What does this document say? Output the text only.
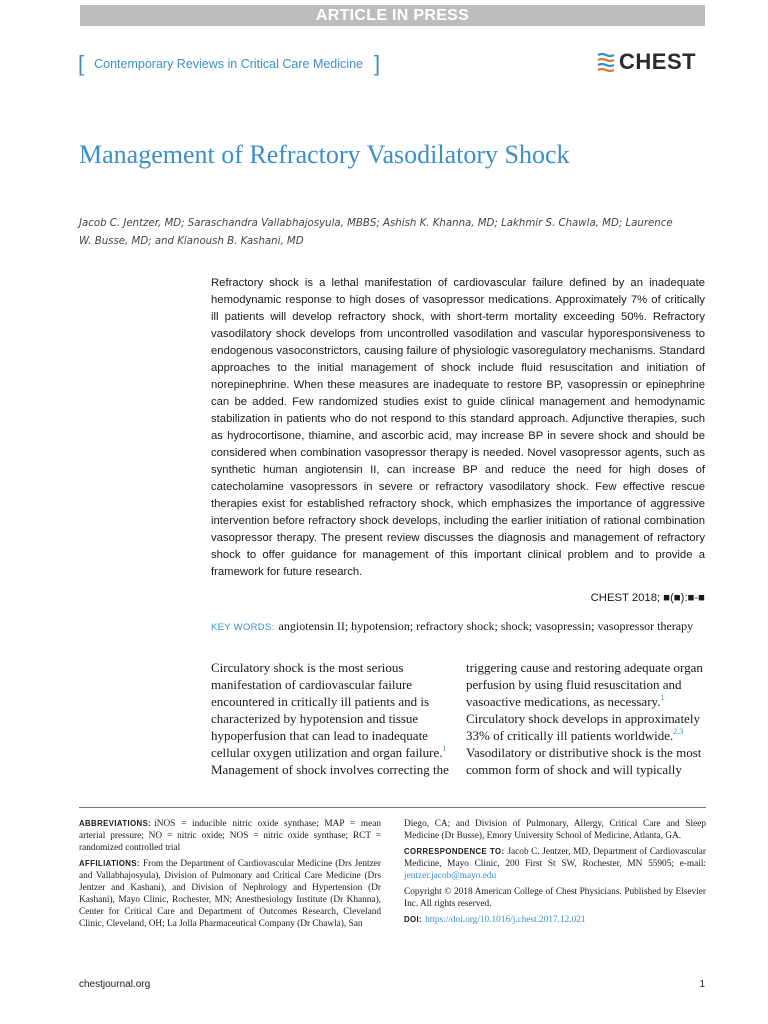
ARTICLE IN PRESS
[ Contemporary Reviews in Critical Care Medicine ]	CHEST
Management of Refractory Vasodilatory Shock

Jacob C. Jentzer, MD; Saraschandra Vallabhajosyula, MBBS; Ashish K. Khanna, MD; Lakhmir S. Chawla, MD; Laurence W. Busse, MD; and Kianoush B. Kashani, MD

Refractory shock is a lethal manifestation of cardiovascular failure defined by an inadequate hemodynamic response to high doses of vasopressor medications. Approximately 7% of critically ill patients will develop refractory shock, with short-term mortality exceeding 50%. Refractory vasodilatory shock develops from uncontrolled vasodilation and vascular hyporesponsiveness to endogenous vasoconstrictors, causing failure of physiologic vasoregulatory mechanisms. Standard approaches to the initial management of shock include fluid resuscitation and initiation of norepinephrine. When these measures are inadequate to restore BP, vasopressin or epinephrine can be added. Few randomized studies exist to guide clinical management and hemodynamic stabilization in patients who do not respond to this standard approach. Adjunctive therapies, such as hydrocortisone, thiamine, and ascorbic acid, may increase BP in severe shock and should be considered when combination vasopressor therapy is needed. Novel vasopressor agents, such as synthetic human angiotensin II, can increase BP and reduce the need for high doses of catecholamine vasopressors in severe or refractory vasodilatory shock. Few effective rescue therapies exist for established refractory shock, which emphasizes the importance of aggressive intervention before refractory shock develops, including the earlier initiation of rational combination vasopressor therapy. The present review discusses the diagnosis and management of refractory shock to offer guidance for management of this important clinical problem and to provide a framework for future research.

CHEST 2018; ■(■):■-■
KEY WORDS: angiotensin II; hypotension; refractory shock; shock; vasopressin; vasopressor therapy

Circulatory shock is the most serious manifestation of cardiovascular failure encountered in critically ill patients and is characterized by hypotension and tissue hypoperfusion that can lead to inadequate cellular oxygen utilization and organ failure.$^1$ Management of shock involves correcting the

triggering cause and restoring adequate organ perfusion by using fluid resuscitation and vasoactive medications, as necessary.$^1$ Circulatory shock develops in approximately 33% of critically ill patients worldwide.$^{2,3}$ Vasodilatory or distributive shock is the most common form of shock and will typically

ABBREVIATIONS: iNOS = inducible nitric oxide synthase; MAP = mean arterial pressure; NO = nitric oxide; NOS = nitric oxide synthase; RCT = randomized controlled trial

AFFILIATIONS: From the Department of Cardiovascular Medicine (Drs Jentzer and Vallabhajosyula), Division of Pulmonary and Critical Care Medicine (Drs Jentzer and Kashani), and Division of Nephrology and Hypertension (Dr Kashani), Mayo Clinic, Rochester, MN; Anesthesiology Institute (Dr Khanna), Center for Critical Care and Department of Outcomes Research, Cleveland Clinic, Cleveland, OH; La Jolla Pharmaceutical Company (Dr Chawla), San

Diego, CA; and Division of Pulmonary, Allergy, Critical Care and Sleep Medicine (Dr Busse), Emory University School of Medicine, Atlanta, GA.

CORRESPONDENCE TO: Jacob C. Jentzer, MD, Department of Cardiovascular Medicine, Mayo Clinic, 200 First St SW, Rochester, MN 55905; e-mail: jentzer.jacob@mayo.edu

Copyright © 2018 American College of Chest Physicians. Published by Elsevier Inc. All rights reserved.

DOI: https://doi.org/10.1016/j.chest.2017.12.021

chestjournal.org	1
